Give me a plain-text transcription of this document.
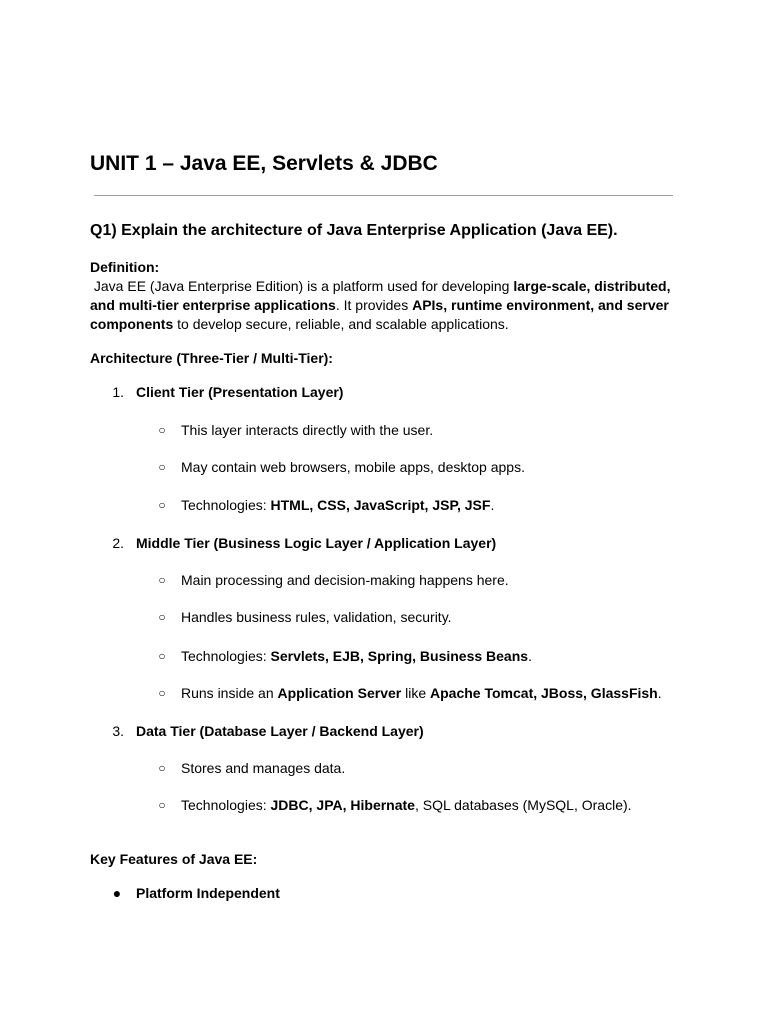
UNIT 1 – Java EE, Servlets & JDBC
Q1) Explain the architecture of Java Enterprise Application (Java EE).
Definition:
Java EE (Java Enterprise Edition) is a platform used for developing large-scale, distributed,
and multi-tier enterprise applications. It provides APIs, runtime environment, and server
components to develop secure, reliable, and scalable applications.
Architecture (Three-Tier / Multi-Tier):
1. Client Tier (Presentation Layer)
○ This layer interacts directly with the user.
○ May contain web browsers, mobile apps, desktop apps.
○ Technologies: HTML, CSS, JavaScript, JSP, JSF.
2. Middle Tier (Business Logic Layer / Application Layer)
○ Main processing and decision-making happens here.
○ Handles business rules, validation, security.
○ Technologies: Servlets, EJB, Spring, Business Beans.
○ Runs inside an Application Server like Apache Tomcat, JBoss, GlassFish.
3. Data Tier (Database Layer / Backend Layer)
○ Stores and manages data.
○ Technologies: JDBC, JPA, Hibernate, SQL databases (MySQL, Oracle).
Key Features of Java EE:
● Platform Independent
